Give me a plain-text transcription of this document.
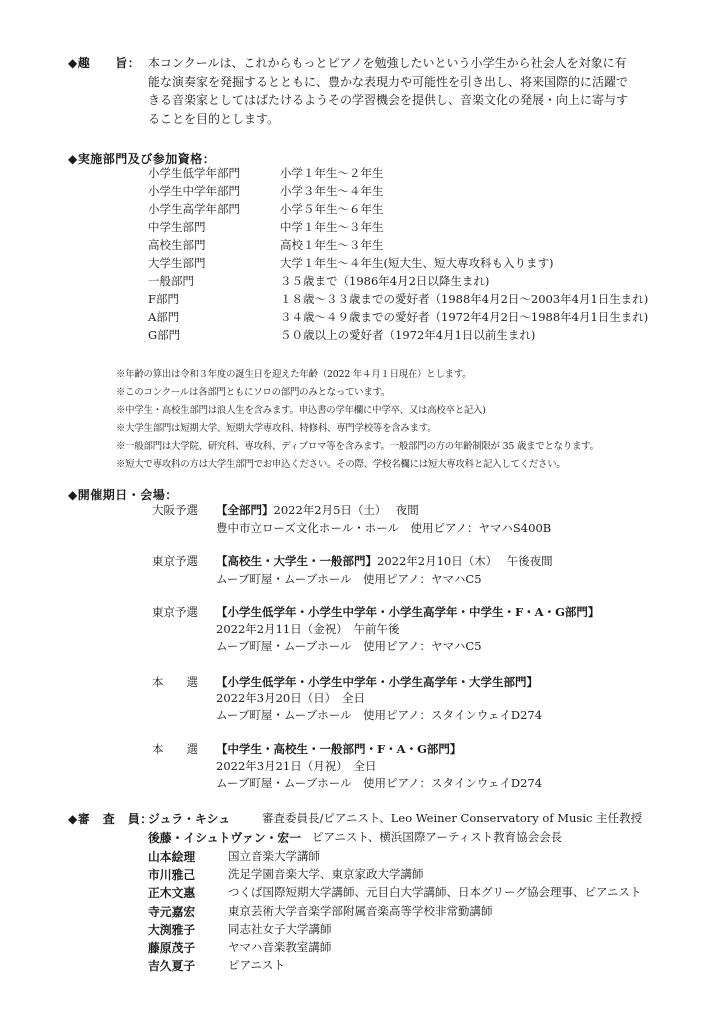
◆趣　　旨： 本コンクールは、これからもっとピアノを勉強したいという小学生から社会人を対象に有
能な演奏家を発掘するとともに、豊かな表現力や可能性を引き出し、将来国際的に活躍で
きる音楽家としてはばたけるようその学習機会を提供し、音楽文化の発展・向上に寄与す
ることを目的とします。
◆実施部門及び参加資格：
小学生低学年部門	小学１年生～２年生
小学生中学年部門	小学３年生～４年生
小学生高学年部門	小学５年生～６年生
中学生部門	中学１年生～３年生
高校生部門	高校１年生～３年生
大学生部門	大学１年生～４年生(短大生、短大専攻科も入ります)
一般部門	３５歳まで（1986年4月2日以降生まれ)
F部門	１８歳～３３歳までの愛好者（1988年4月2日～2003年4月1日生まれ)
A部門	３４歳～４９歳までの愛好者（1972年4月2日～1988年4月1日生まれ)
G部門	５０歳以上の愛好者（1972年4月1日以前生まれ)
※年齢の算出は令和３年度の誕生日を迎えた年齢（2022 年４月１日現在）とします。
※このコンクールは各部門ともにソロの部門のみとなっています。
※中学生・高校生部門は浪人生を含みます。申込書の学年欄に中学卒、又は高校卒と記入)
※大学生部門は短期大学、短期大学専攻科、特修科、専門学校等を含みます。
※一般部門は大学院、研究科、専攻科、ディプロマ等を含みます。一般部門の方の年齢制限が 35 歳までとなります。
※短大で専攻科の方は大学生部門でお申込ください。その際、学校名欄には短大専攻科と記入してください。
◆開催期日・会場：
大阪予選 【全部門】2022年2月5日（土）　 夜間
豊中市立ローズ文化ホール・ホール　使用ピアノ：ヤマハS400B
東京予選 【高校生・大学生・一般部門】2022年2月10日（木）　 午後夜間
ムーブ町屋・ムーブホール　使用ピアノ：ヤマハC5
東京予選 【小学生低学年・小学生中学年・小学生高学年・中学生・F・A・G部門】
2022年2月11日（金祝）　午前午後
ムーブ町屋・ムーブホール　使用ピアノ：ヤマハC5
本　　選 【小学生低学年・小学生中学年・小学生高学年・大学生部門】
2022年3月20日（日）　全日
ムーブ町屋・ムーブホール　使用ピアノ：スタインウェイD274
本　　選 【中学生・高校生・一般部門・F・A・G部門】
2022年3月21日（月祝）　全日
ムーブ町屋・ムーブホール　使用ピアノ：スタインウェイD274
◆審　査　員：
ジュラ・キシュ	審査委員長/ピアニスト、Leo Weiner Conservatory of Music 主任教授
後藤・イシュトヴァン・宏一 ピアニスト、横浜国際アーティスト教育協会会長
山本絵理	国立音楽大学講師
市川雅己	洗足学園音楽大学、東京家政大学講師
正木文惠	つくば国際短期大学講師、元目白大学講師、日本グリーグ協会理事、ピアニスト
寺元嘉宏	東京芸術大学音楽学部附属音楽高等学校非常勤講師
大渕雅子	同志社女子大学講師
藤原茂子	ヤマハ音楽教室講師
吉久夏子	ピアニスト
